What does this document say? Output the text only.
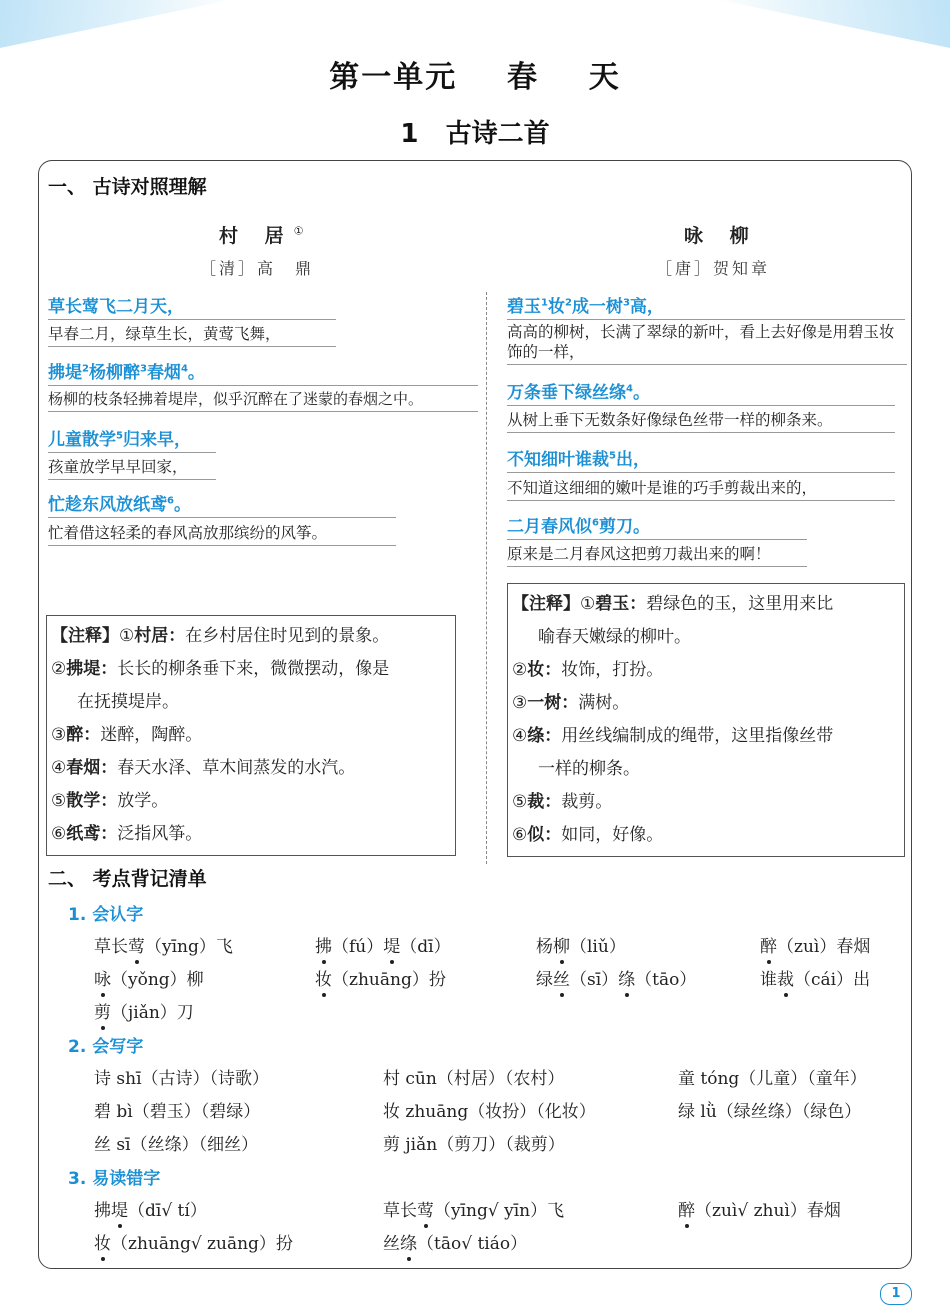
第一单元 春 天
1 古诗二首
一、 古诗对照理解
村 居①
［清］高　鼎
咏 柳
［唐］贺知章
草长莺飞二月天，
早春二月，绿草生长，黄莺飞舞，
拂堤$^2$杨柳醉$^3$春烟$^4$。
杨柳的枝条轻拂着堤岸，似乎沉醉在了迷蒙的春烟之中。
儿童散学$^5$归来早，
孩童放学早早回家，
忙趁东风放纸鸢$^6$。
忙着借这轻柔的春风高放那缤纷的风筝。
碧玉$^1$妆$^2$成一树$^3$高，
高高的柳树，长满了翠绿的新叶，看上去好像是用碧玉妆饰的一样，
万条垂下绿丝绦$^4$。
从树上垂下无数条好像绿色丝带一样的柳条来。
不知细叶谁裁$^5$出，
不知道这细细的嫩叶是谁的巧手剪裁出来的，
二月春风似$^6$剪刀。
原来是二月春风这把剪刀裁出来的啊！
【注释】①村居：在乡村居住时见到的景象。
②拂堤：长长的柳条垂下来，微微摆动，像是
在抚摸堤岸。
③醉：迷醉，陶醉。
④春烟：春天水泽、草木间蒸发的水汽。
⑤散学：放学。
⑥纸鸢：泛指风筝。
【注释】①碧玉：碧绿色的玉，这里用来比
喻春天嫩绿的柳叶。
②妆：妆饰，打扮。
③一树：满树。
④绦：用丝线编制成的绳带，这里指像丝带
一样的柳条。
⑤裁：裁剪。
⑥似：如同，好像。
二、 考点背记清单
1. 会认字
草长莺（yīng）飞	拂（fú）堤（dī）	杨柳（liǔ）	醉（zuì）春烟
咏（yǒng）柳	妆（zhuāng）扮	绿丝（sī）绦（tāo）	谁裁（cái）出
剪（jiǎn）刀
2. 会写字
诗 shī（古诗）（诗歌）	村 cūn（村居）（农村）	童 tóng（儿童）（童年）
碧 bì（碧玉）（碧绿）	妆 zhuāng（妆扮）（化妆）	绿 lǜ（绿丝绦）（绿色）
丝 sī（丝绦）（细丝）	剪 jiǎn（剪刀）（裁剪）
3. 易读错字
拂堤（dī√ tí）	草长莺（yīng√ yīn）飞	醉（zuì√ zhuì）春烟
妆（zhuāng√ zuāng）扮	丝绦（tāo√ tiáo）
1
